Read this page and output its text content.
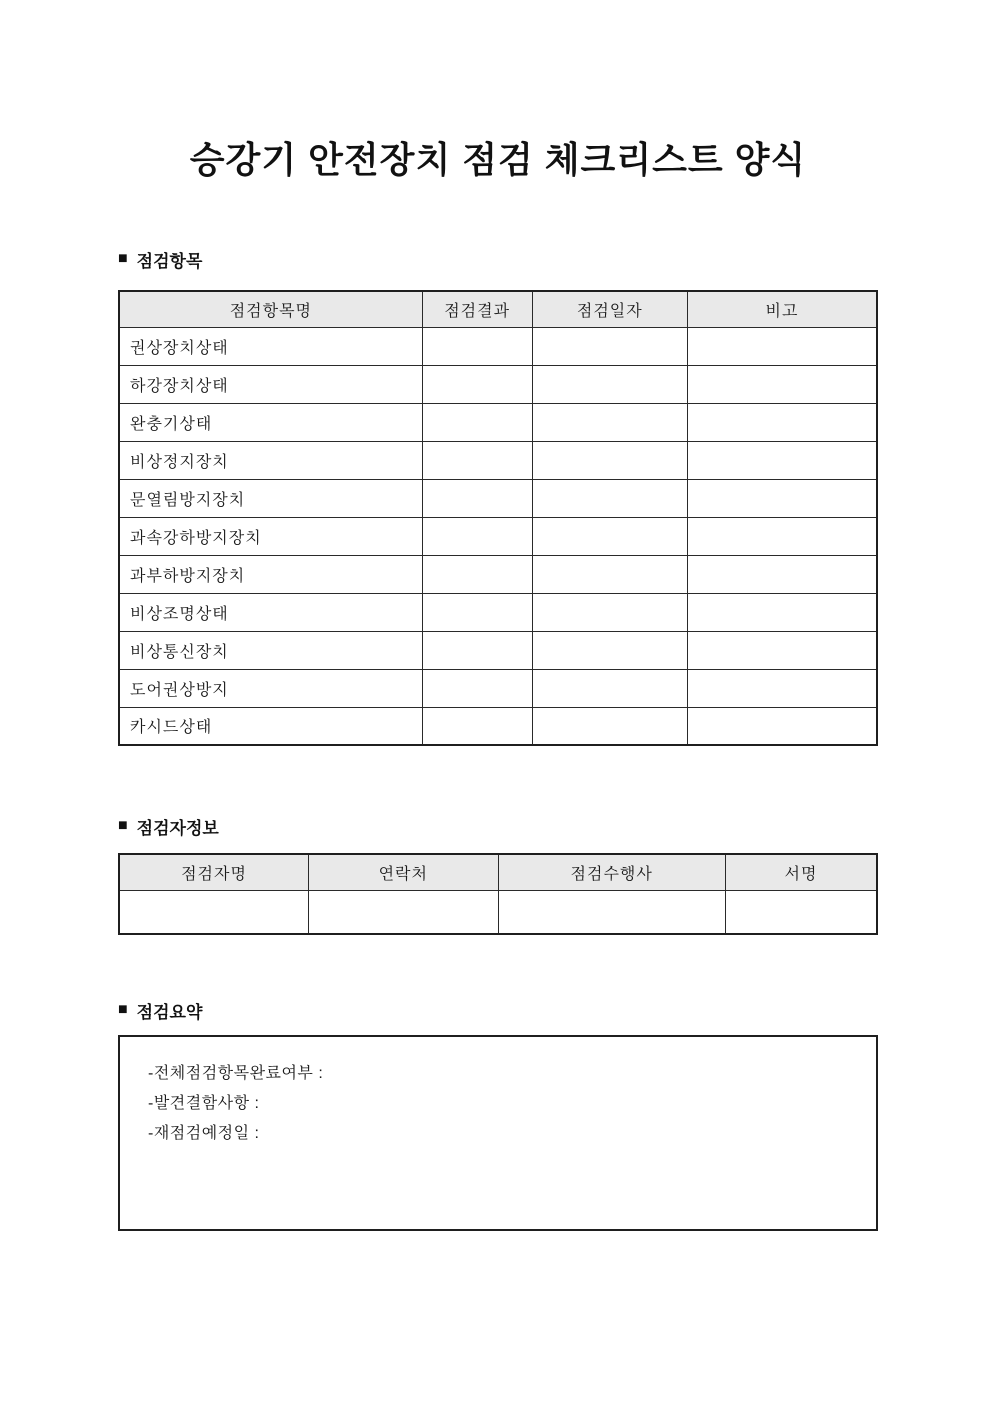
승강기 안전장치 점검 체크리스트 양식
■ 점검항목
점검항목명	점검결과	점검일자	비고
권상장치상태			
하강장치상태			
완충기상태			
비상정지장치			
문열림방지장치			
과속강하방지장치			
과부하방지장치			
비상조명상태			
비상통신장치			
도어권상방지			
카시드상태			
■ 점검자정보
점검자명	연락처	점검수행사	서명

■ 점검요약
-전체점검항목완료여부 :
-발견결함사항 :
-재점검예정일 :
